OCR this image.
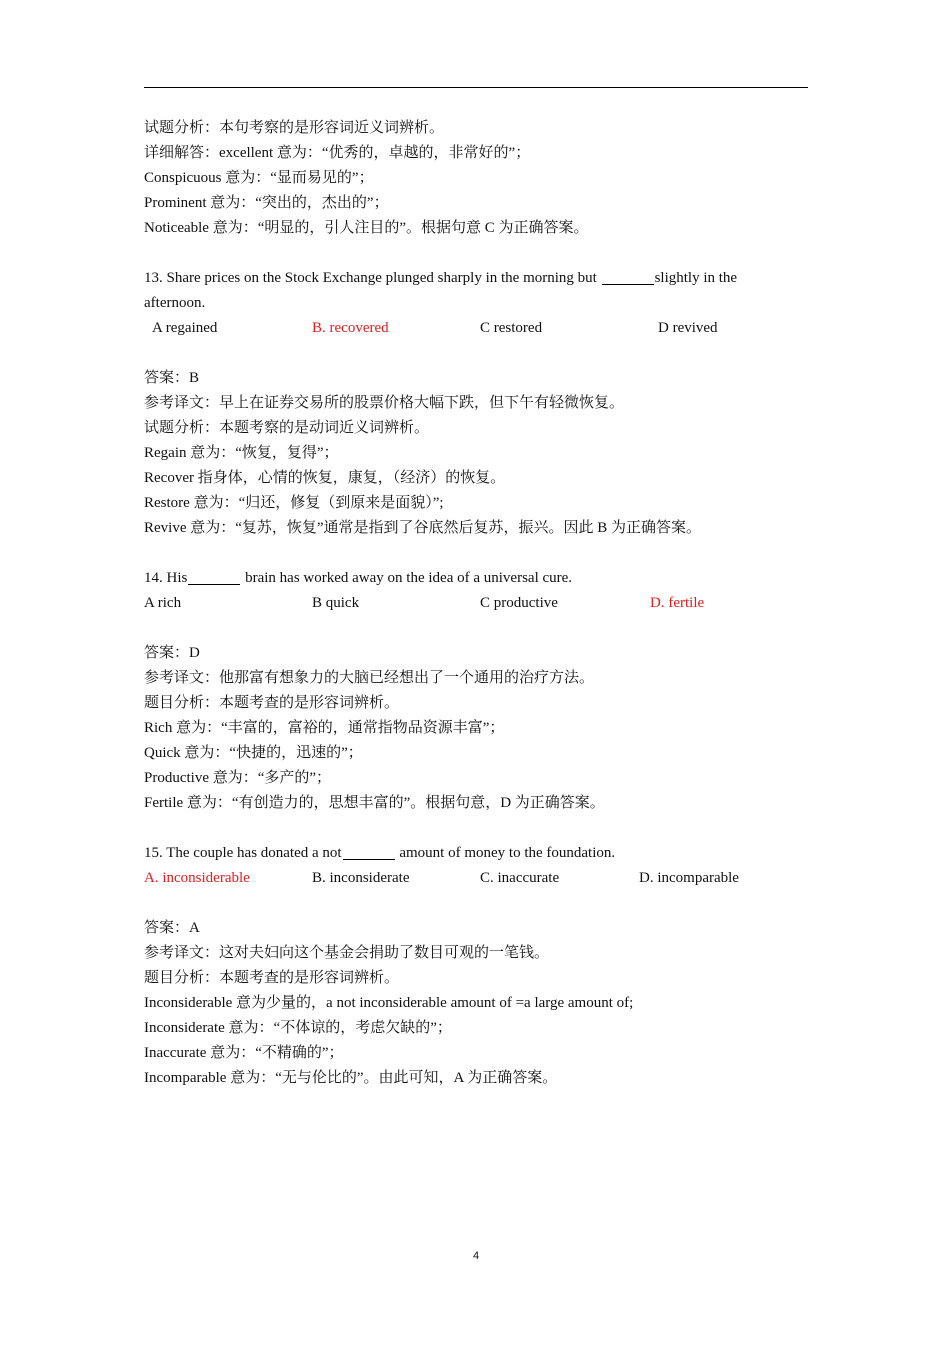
试题分析：本句考察的是形容词近义词辨析。
详细解答：excellent 意为：“优秀的，卓越的，非常好的”；
Conspicuous 意为：“显而易见的”；
Prominent 意为：“突出的，杰出的”；
Noticeable 意为：“明显的，引人注目的”。根据句意 C 为正确答案。
13. Share prices on the Stock Exchange plunged sharply in the morning but	slightly in the
afternoon.
A regained	B. recovered	C restored	D revived
答案：B
参考译文：早上在证券交易所的股票价格大幅下跌，但下午有轻微恢复。
试题分析：本题考察的是动词近义词辨析。
Regain 意为：“恢复，复得”；
Recover 指身体，心情的恢复，康复，（经济）的恢复。
Restore 意为：“归还，修复（到原来是面貌）”;
Revive 意为：“复苏，恢复”通常是指到了谷底然后复苏，振兴。因此 B 为正确答案。
14. His	brain has worked away on the idea of a universal cure.
A rich	B quick	C productive	D. fertile
答案：D
参考译文：他那富有想象力的大脑已经想出了一个通用的治疗方法。
题目分析：本题考查的是形容词辨析。
Rich 意为：“丰富的，富裕的，通常指物品资源丰富”；
Quick 意为：“快捷的，迅速的”；
Productive 意为：“多产的”；
Fertile 意为：“有创造力的，思想丰富的”。根据句意，D 为正确答案。
15. The couple has donated a not	amount of money to the foundation.
A. inconsiderable	B. inconsiderate	C. inaccurate	D. incomparable
答案：A
参考译文：这对夫妇向这个基金会捐助了数目可观的一笔钱。
题目分析：本题考查的是形容词辨析。
Inconsiderable 意为少量的，a not inconsiderable amount of =a large amount of;
Inconsiderate 意为：“不体谅的，考虑欠缺的”；
Inaccurate 意为：“不精确的”；
Incomparable 意为：“无与伦比的”。由此可知，A 为正确答案。
4
